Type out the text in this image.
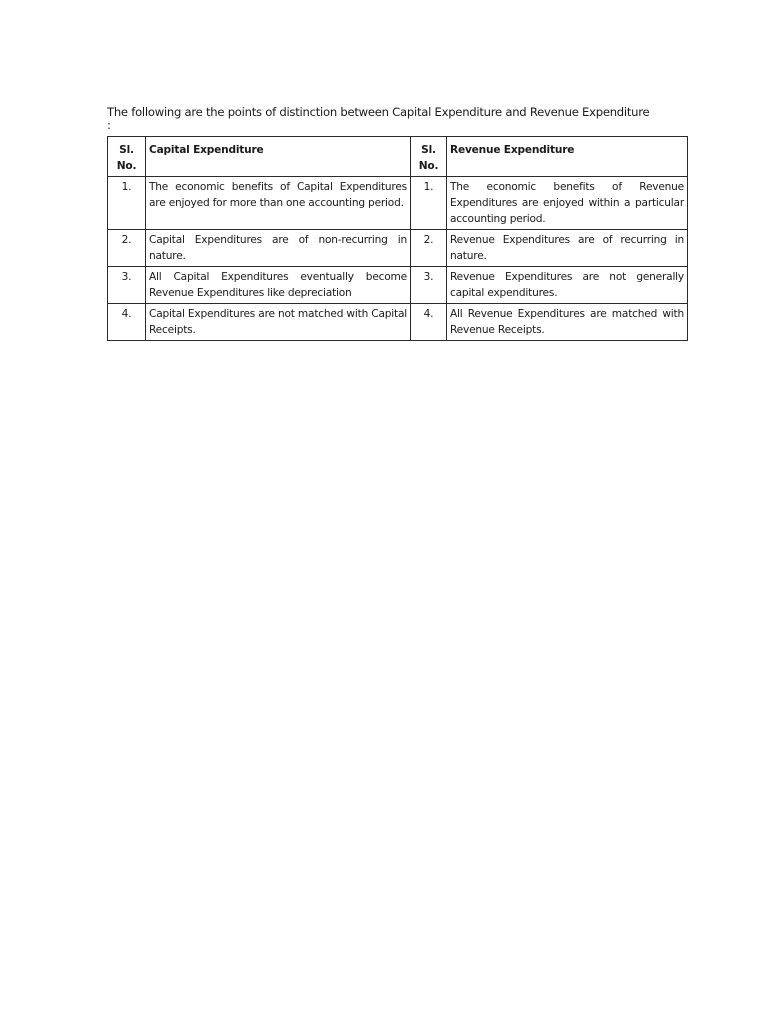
The following are the points of distinction between Capital Expenditure and Revenue Expenditure

:

Sl. No.	Capital Expenditure	Sl. No.	Revenue Expenditure
1.	The economic benefits of Capital Expenditures are enjoyed for more than one accounting period.	1.	The economic benefits of Revenue Expenditures are enjoyed within a particular accounting period.
2.	Capital Expenditures are of non-recurring in nature.	2.	Revenue Expenditures are of recurring in nature.
3.	All Capital Expenditures eventually become Revenue Expenditures like depreciation	3.	Revenue Expenditures are not generally capital expenditures.
4.	Capital Expenditures are not matched with Capital Receipts.	4.	All Revenue Expenditures are matched with Revenue Receipts.
